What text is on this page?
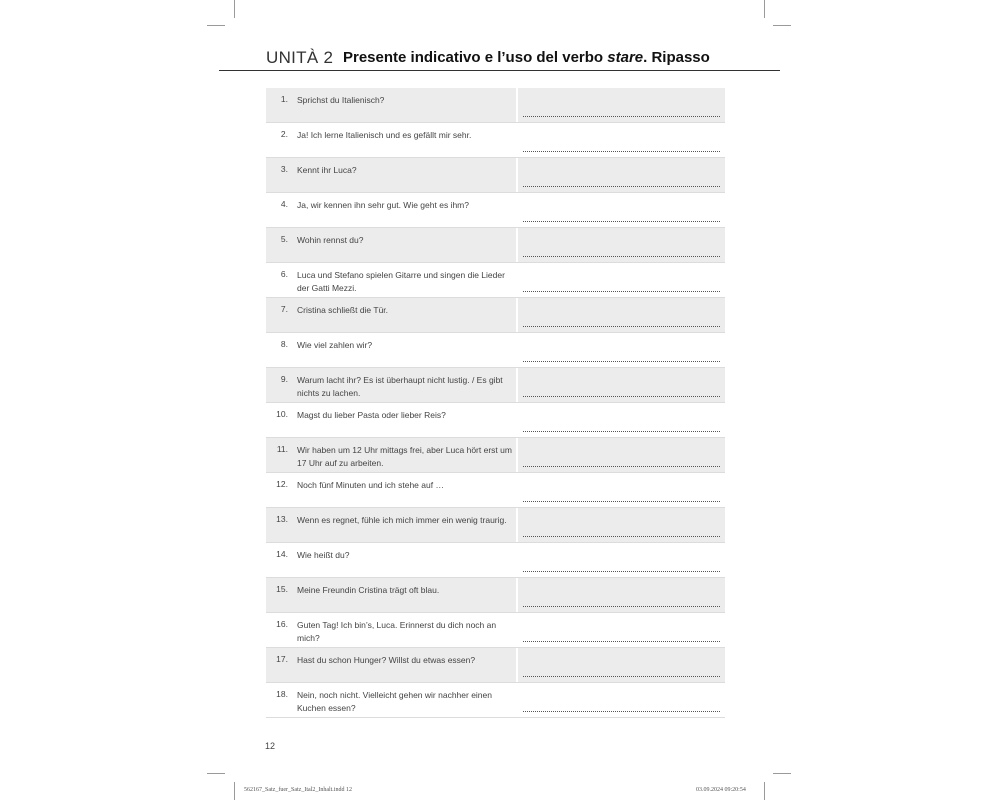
UNITÀ 2 Presente indicativo e l’uso del verbo stare. Ripasso
1. Sprichst du Italienisch?
2. Ja! Ich lerne Italienisch und es gefällt mir sehr.
3. Kennt ihr Luca?
4. Ja, wir kennen ihn sehr gut. Wie geht es ihm?
5. Wohin rennst du?
6. Luca und Stefano spielen Gitarre und singen die Lieder der Gatti Mezzi.
7. Cristina schließt die Tür.
8. Wie viel zahlen wir?
9. Warum lacht ihr? Es ist überhaupt nicht lustig. / Es gibt nichts zu lachen.
10. Magst du lieber Pasta oder lieber Reis?
11. Wir haben um 12 Uhr mittags frei, aber Luca hört erst um 17 Uhr auf zu arbeiten.
12. Noch fünf Minuten und ich stehe auf …
13. Wenn es regnet, fühle ich mich immer ein wenig traurig.
14. Wie heißt du?
15. Meine Freundin Cristina trägt oft blau.
16. Guten Tag! Ich bin’s, Luca. Erinnerst du dich noch an mich?
17. Hast du schon Hunger? Willst du etwas essen?
18. Nein, noch nicht. Vielleicht gehen wir nachher einen Kuchen essen?
12
562167_Satz_fuer_Satz_Ital2_Inhalt.indd 12	03.09.2024 09:20:54
